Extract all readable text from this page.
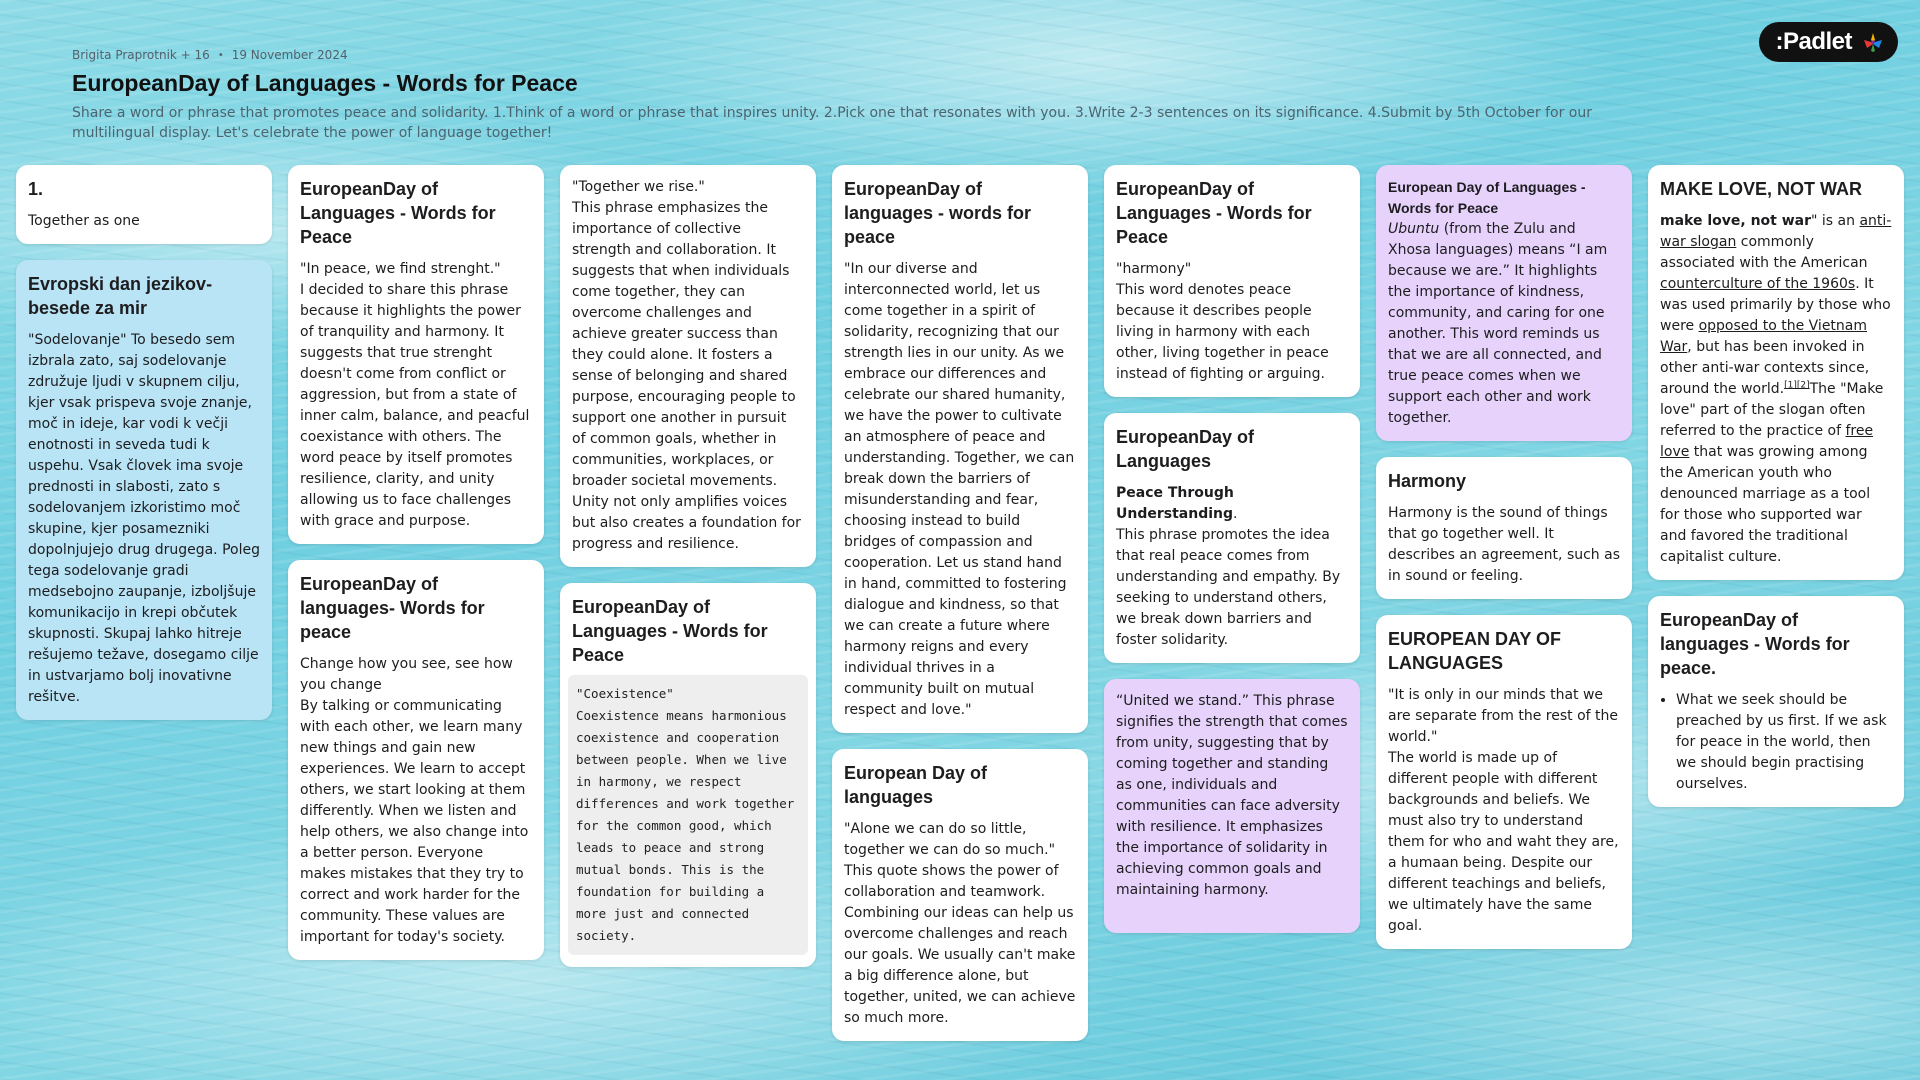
Brigita Praprotnik + 16 • 19 November 2024
EuropeanDay of Languages - Words for Peace
Share a word or phrase that promotes peace and solidarity. 1.Think of a word or phrase that inspires unity. 2.Pick one that resonates with you. 3.Write 2-3 sentences on its significance. 4.Submit by 5th October for our multilingual display. Let's celebrate the power of language together!
:Padlet
1.
Together as one
Evropski dan jezikov- besede za mir
"Sodelovanje" To besedo sem izbrala zato, saj sodelovanje združuje ljudi v skupnem cilju, kjer vsak prispeva svoje znanje, moč in ideje, kar vodi k večji enotnosti in seveda tudi k uspehu. Vsak človek ima svoje prednosti in slabosti, zato s sodelovanjem izkoristimo moč skupine, kjer posamezniki dopolnjujejo drug drugega. Poleg tega sodelovanje gradi medsebojno zaupanje, izboljšuje komunikacijo in krepi občutek skupnosti. Skupaj lahko hitreje rešujemo težave, dosegamo cilje in ustvarjamo bolj inovativne rešitve.
EuropeanDay of Languages - Words for Peace
"In peace, we find strenght."
I decided to share this phrase because it highlights the power of tranquility and harmony. It suggests that true strenght doesn't come from conflict or aggression, but from a state of inner calm, balance, and peacful coexistance with others. The word peace by itself promotes resilience, clarity, and unity allowing us to face challenges with grace and purpose.
EuropeanDay of languages- Words for peace
Change how you see, see how you change
By talking or communicating with each other, we learn many new things and gain new experiences. We learn to accept others, we start looking at them differently. When we listen and help others, we also change into a better person. Everyone makes mistakes that they try to correct and work harder for the community. These values are important for today's society.
"Together we rise."
This phrase emphasizes the importance of collective strength and collaboration. It suggests that when individuals come together, they can overcome challenges and achieve greater success than they could alone. It fosters a sense of belonging and shared purpose, encouraging people to support one another in pursuit of common goals, whether in communities, workplaces, or broader societal movements. Unity not only amplifies voices but also creates a foundation for progress and resilience.
EuropeanDay of Languages - Words for Peace
"Coexistence"
Coexistence means harmonious coexistence and cooperation between people. When we live in harmony, we respect differences and work together for the common good, which leads to peace and strong mutual bonds. This is the foundation for building a more just and connected society.
EuropeanDay of languages - words for peace
"In our diverse and interconnected world, let us come together in a spirit of solidarity, recognizing that our strength lies in our unity. As we embrace our differences and celebrate our shared humanity, we have the power to cultivate an atmosphere of peace and understanding. Together, we can break down the barriers of misunderstanding and fear, choosing instead to build bridges of compassion and cooperation. Let us stand hand in hand, committed to fostering dialogue and kindness, so that we can create a future where harmony reigns and every individual thrives in a community built on mutual respect and love."
European Day of languages
"Alone we can do so little, together we can do so much."
This quote shows the power of collaboration and teamwork. Combining our ideas can help us overcome challenges and reach our goals. We usually can't make a big difference alone, but together, united, we can achieve so much more.
EuropeanDay of Languages - Words for Peace
"harmony"
This word denotes peace because it describes people living in harmony with each other, living together in peace instead of fighting or arguing.
EuropeanDay of Languages
Peace Through Understanding.
This phrase promotes the idea that real peace comes from understanding and empathy. By seeking to understand others, we break down barriers and foster solidarity.
“United we stand.” This phrase signifies the strength that comes from unity, suggesting that by coming together and standing as one, individuals and communities can face adversity with resilience. It emphasizes the importance of solidarity in achieving common goals and maintaining harmony.
European Day of Languages - Words for Peace
Ubuntu (from the Zulu and Xhosa languages) means “I am because we are.” It highlights the importance of kindness, community, and caring for one another. This word reminds us that we are all connected, and true peace comes when we support each other and work together.
Harmony
Harmony is the sound of things that go together well. It describes an agreement, such as in sound or feeling.
EUROPEAN DAY OF LANGUAGES
"It is only in our minds that we are separate from the rest of the world."
The world is made up of different people with different backgrounds and beliefs. We must also try to understand them for who and waht they are, a humaan being. Despite our different teachings and beliefs, we ultimately have the same goal.
MAKE LOVE, NOT WAR
make love, not war" is an anti-war slogan commonly associated with the American counterculture of the 1960s. It was used primarily by those who were opposed to the Vietnam War, but has been invoked in other anti-war contexts since, around the world.[1][2]The "Make love" part of the slogan often referred to the practice of free love that was growing among the American youth who denounced marriage as a tool for those who supported war and favored the traditional capitalist culture.
EuropeanDay of languages - Words for peace.
• What we seek should be preached by us first. If we ask for peace in the world, then we should begin practising ourselves.
